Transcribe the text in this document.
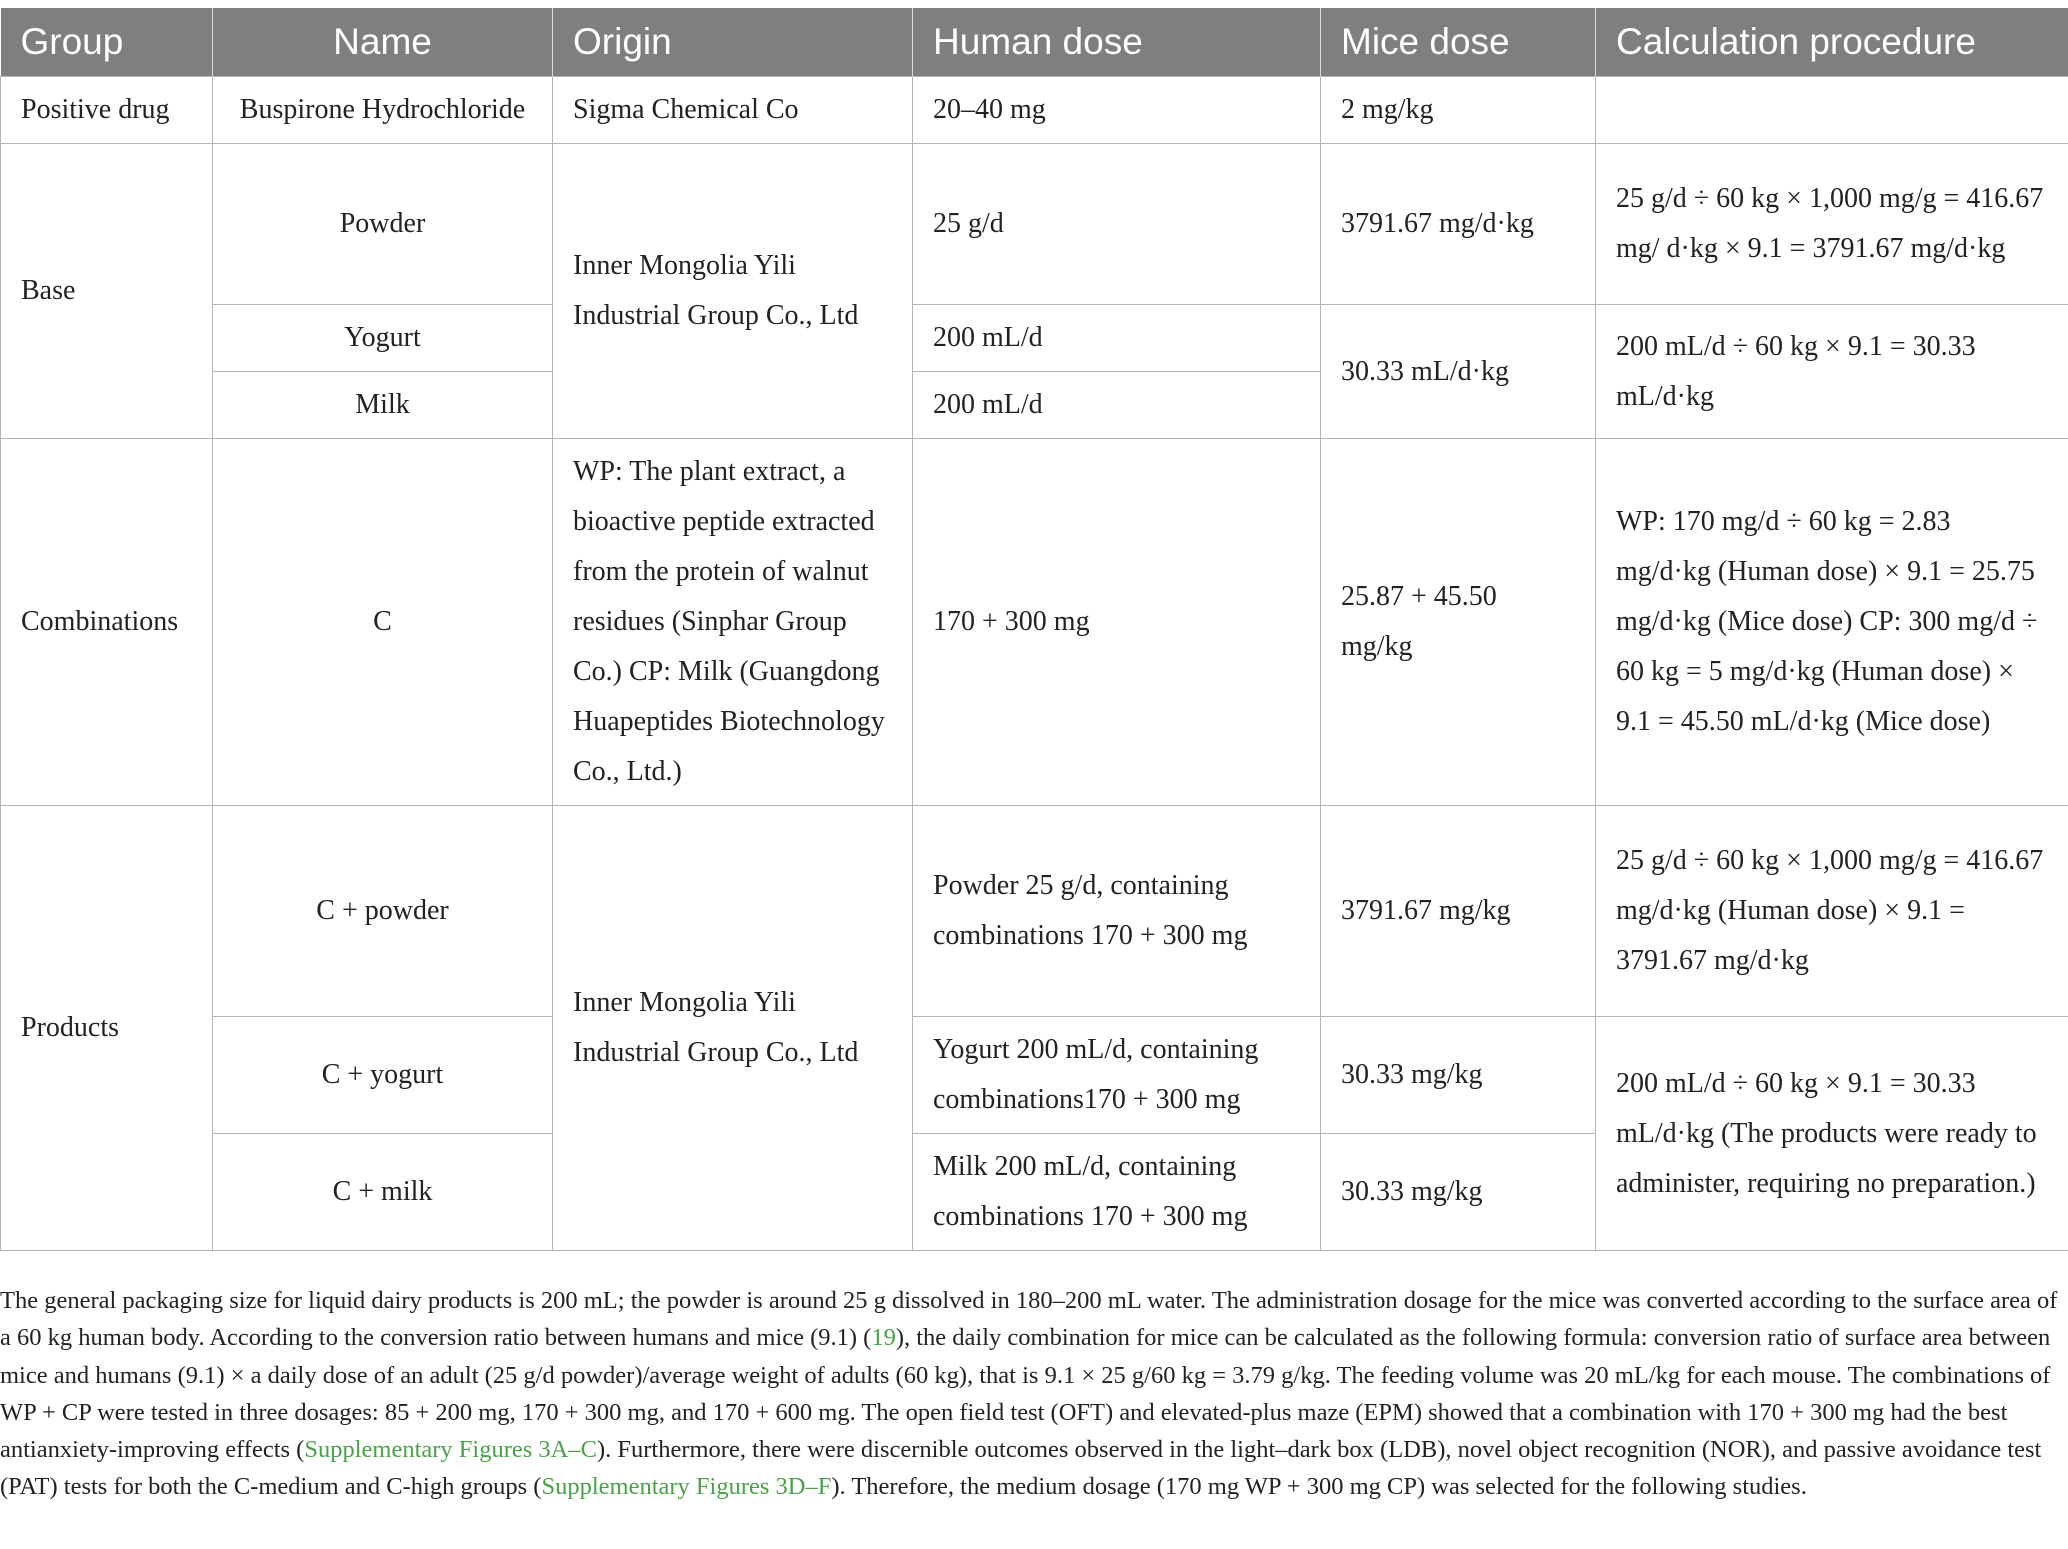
Group	Name	Origin	Human dose	Mice dose	Calculation procedure
Positive drug	Buspirone Hydrochloride	Sigma Chemical Co	20–40 mg	2 mg/kg	
Base	Powder	Inner Mongolia Yili Industrial Group Co., Ltd	25 g/d	3791.67 mg/d·kg	25 g/d ÷ 60 kg × 1,000 mg/g = 416.67 mg/ d·kg × 9.1 = 3791.67 mg/d·kg
	Yogurt		200 mL/d	30.33 mL/d·kg	200 mL/d ÷ 60 kg × 9.1 = 30.33 mL/d·kg
	Milk		200 mL/d		
Combinations	C	WP: The plant extract, a bioactive peptide extracted from the protein of walnut residues (Sinphar Group Co.) CP: Milk (Guangdong Huapeptides Biotechnology Co., Ltd.)	170 + 300 mg	25.87 + 45.50 mg/kg	WP: 170 mg/d ÷ 60 kg = 2.83 mg/d·kg (Human dose) × 9.1 = 25.75 mg/d·kg (Mice dose) CP: 300 mg/d ÷ 60 kg = 5 mg/d·kg (Human dose) × 9.1 = 45.50 mL/d·kg (Mice dose)
Products	C + powder	Inner Mongolia Yili Industrial Group Co., Ltd	Powder 25 g/d, containing combinations 170 + 300 mg	3791.67 mg/kg	25 g/d ÷ 60 kg × 1,000 mg/g = 416.67 mg/d·kg (Human dose) × 9.1 = 3791.67 mg/d·kg
	C + yogurt		Yogurt 200 mL/d, containing combinations170 + 300 mg	30.33 mg/kg	200 mL/d ÷ 60 kg × 9.1 = 30.33 mL/d·kg (The products were ready to administer, requiring no preparation.)
	C + milk		Milk 200 mL/d, containing combinations 170 + 300 mg	30.33 mg/kg	

The general packaging size for liquid dairy products is 200 mL; the powder is around 25 g dissolved in 180–200 mL water. The administration dosage for the mice was converted according to the surface area of a 60 kg human body. According to the conversion ratio between humans and mice (9.1) (19), the daily combination for mice can be calculated as the following formula: conversion ratio of surface area between mice and humans (9.1) × a daily dose of an adult (25 g/d powder)/average weight of adults (60 kg), that is 9.1 × 25 g/60 kg = 3.79 g/kg. The feeding volume was 20 mL/kg for each mouse. The combinations of WP + CP were tested in three dosages: 85 + 200 mg, 170 + 300 mg, and 170 + 600 mg. The open field test (OFT) and elevated-plus maze (EPM) showed that a combination with 170 + 300 mg had the best antianxiety-improving effects (Supplementary Figures 3A–C). Furthermore, there were discernible outcomes observed in the light–dark box (LDB), novel object recognition (NOR), and passive avoidance test (PAT) tests for both the C-medium and C-high groups (Supplementary Figures 3D–F). Therefore, the medium dosage (170 mg WP + 300 mg CP) was selected for the following studies.
